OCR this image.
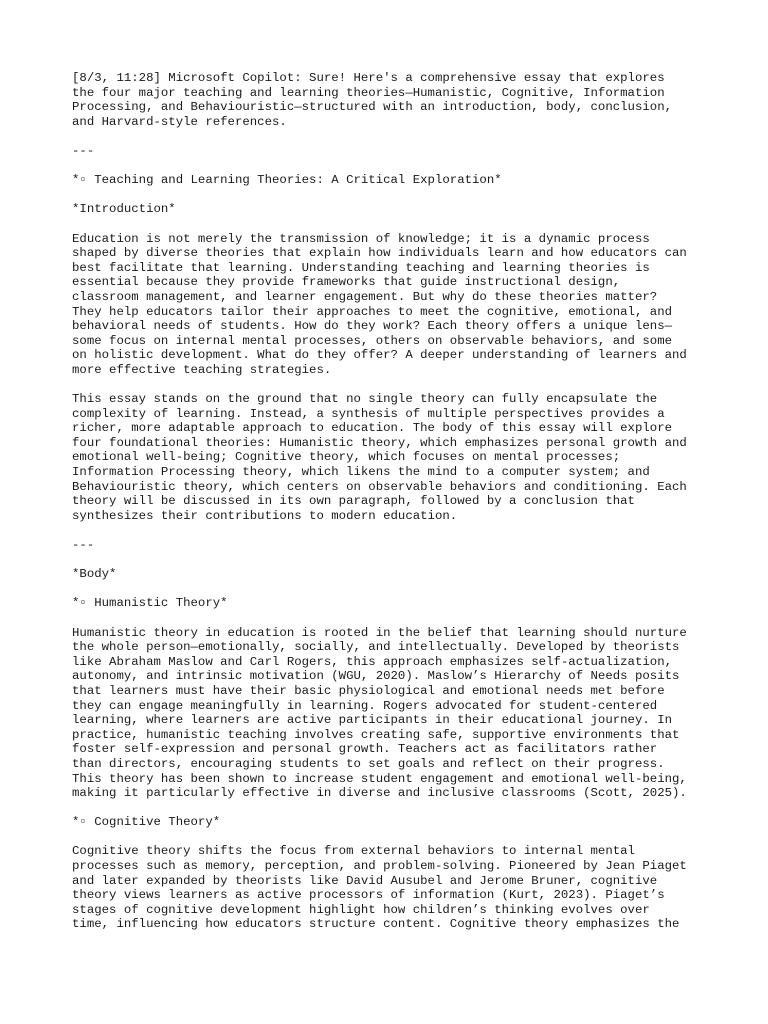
[8/3, 11:28] Microsoft Copilot: Sure! Here's a comprehensive essay that explores
the four major teaching and learning theories—Humanistic, Cognitive, Information
Processing, and Behaviouristic—structured with an introduction, body, conclusion,
and Harvard-style references.

---

*▫ Teaching and Learning Theories: A Critical Exploration*

*Introduction*

Education is not merely the transmission of knowledge; it is a dynamic process
shaped by diverse theories that explain how individuals learn and how educators can
best facilitate that learning. Understanding teaching and learning theories is
essential because they provide frameworks that guide instructional design,
classroom management, and learner engagement. But why do these theories matter?
They help educators tailor their approaches to meet the cognitive, emotional, and
behavioral needs of students. How do they work? Each theory offers a unique lens—
some focus on internal mental processes, others on observable behaviors, and some
on holistic development. What do they offer? A deeper understanding of learners and
more effective teaching strategies.

This essay stands on the ground that no single theory can fully encapsulate the
complexity of learning. Instead, a synthesis of multiple perspectives provides a
richer, more adaptable approach to education. The body of this essay will explore
four foundational theories: Humanistic theory, which emphasizes personal growth and
emotional well-being; Cognitive theory, which focuses on mental processes;
Information Processing theory, which likens the mind to a computer system; and
Behaviouristic theory, which centers on observable behaviors and conditioning. Each
theory will be discussed in its own paragraph, followed by a conclusion that
synthesizes their contributions to modern education.

---

*Body*

*▫ Humanistic Theory*

Humanistic theory in education is rooted in the belief that learning should nurture
the whole person—emotionally, socially, and intellectually. Developed by theorists
like Abraham Maslow and Carl Rogers, this approach emphasizes self-actualization,
autonomy, and intrinsic motivation (WGU, 2020). Maslow’s Hierarchy of Needs posits
that learners must have their basic physiological and emotional needs met before
they can engage meaningfully in learning. Rogers advocated for student-centered
learning, where learners are active participants in their educational journey. In
practice, humanistic teaching involves creating safe, supportive environments that
foster self-expression and personal growth. Teachers act as facilitators rather
than directors, encouraging students to set goals and reflect on their progress.
This theory has been shown to increase student engagement and emotional well-being,
making it particularly effective in diverse and inclusive classrooms (Scott, 2025).

*▫ Cognitive Theory*

Cognitive theory shifts the focus from external behaviors to internal mental
processes such as memory, perception, and problem-solving. Pioneered by Jean Piaget
and later expanded by theorists like David Ausubel and Jerome Bruner, cognitive
theory views learners as active processors of information (Kurt, 2023). Piaget’s
stages of cognitive development highlight how children’s thinking evolves over
time, influencing how educators structure content. Cognitive theory emphasizes the
